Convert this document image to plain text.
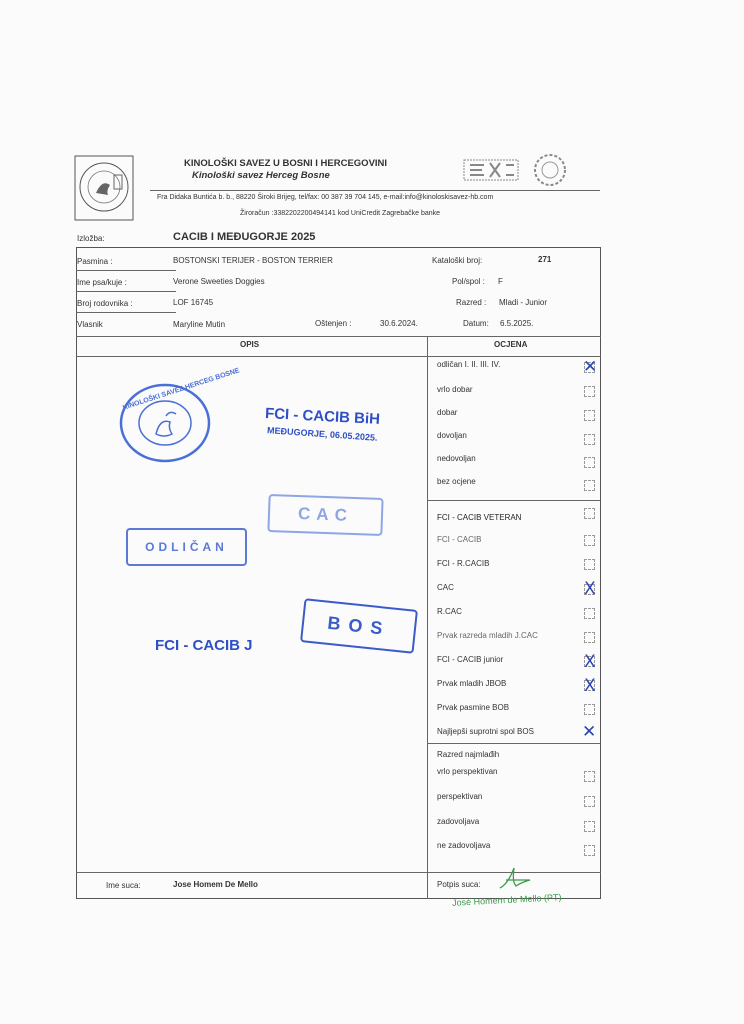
KINOLOŠKI SAVEZ U BOSNI I HERCEGOVINI
Kinološki savez Herceg Bosne
Fra Didaka Buntića b. b., 88220 Široki Brijeg, tel/fax: 00 387 39 704 145, e-mail:info@kinoloskisavez-hb.com
Žiroračun :3382202200494141 kod UniCredit Zagrebačke banke
Izložba:	CACIB I MEĐUGORJE 2025
Pasmina :	BOSTONSKI TERIJER - BOSTON TERRIER	Kataloški broj:	271
Ime psa/kuje :	Verone Sweeties Doggies	Pol/spol : F
Broj rodovnika :	LOF 16745	Razred : Mladi - Junior
Vlasnik	Maryline Mutin	Oštenjen :	30.6.2024.	Datum: 6.5.2025.
OPIS	OCJENA
odličan I. II. III. IV.	✕
vrlo dobar
dobar
dovoljan
nedovoljan
bez ocjene
FCI - CACIB VETERAN
FCI - CACIB
FCI - R.CACIB
CAC	X
R.CAC
Prvak razreda mladih J.CAC
FCI - CACIB junior	X
Prvak mladih JBOB	X
Prvak pasmine BOB
Najljepši suprotni spol BOS	✕
Razred najmlađih
vrlo perspektivan
perspektivan
zadovoljava
ne zadovoljava
Ime suca:	Jose Homem De Mello	Potpis suca:
José Homem de Mello (PT)
KINOLOŠKI SAVEZ HERCEG BOSNE
FCI - CACIB BiH
MEĐUGORJE, 06.05.2025.
CAC
ODLIČAN
BOS
FCI - CACIB J
